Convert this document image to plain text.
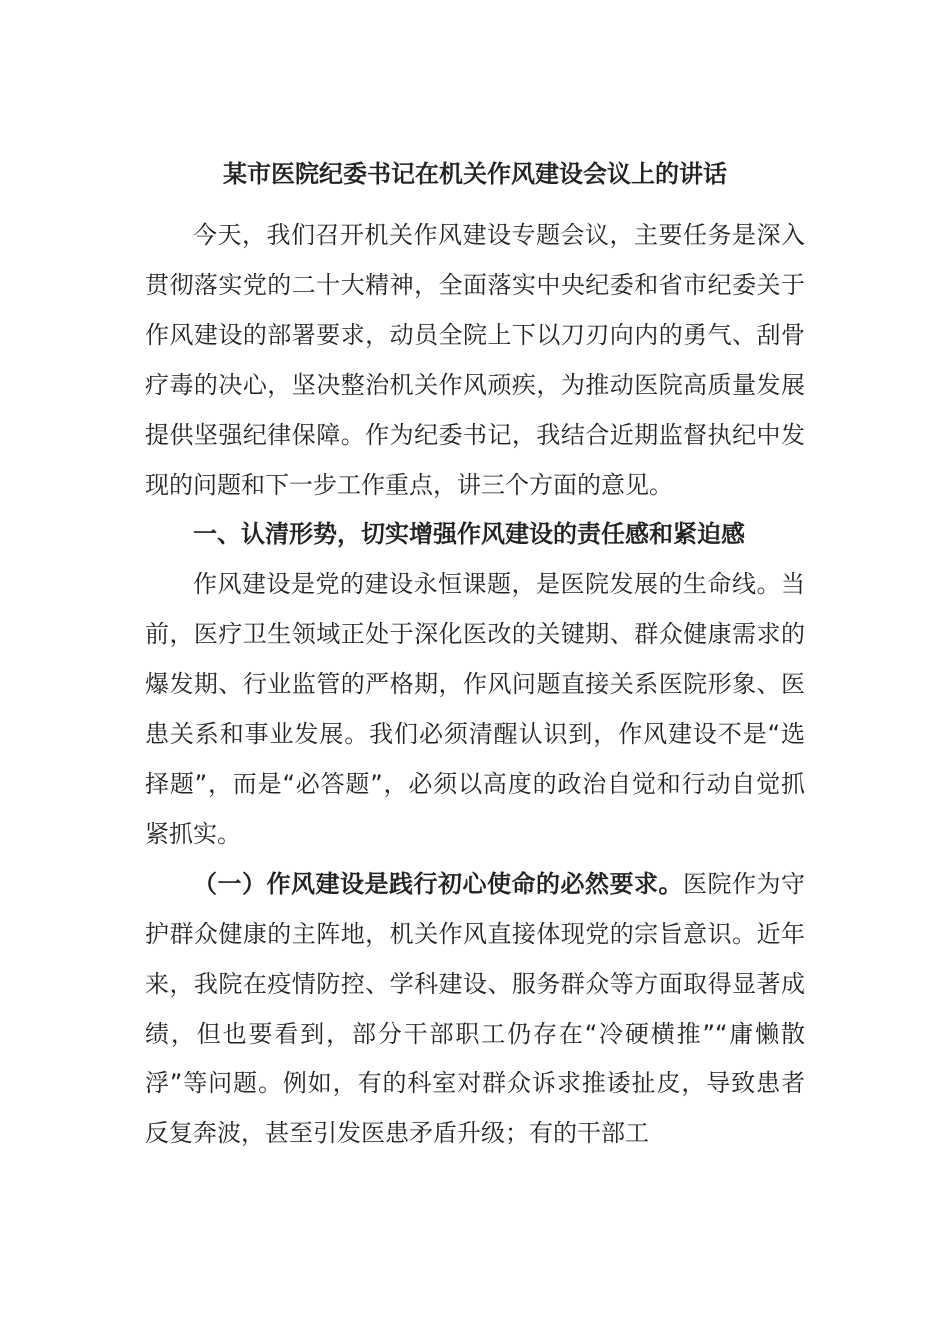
某市医院纪委书记在机关作风建设会议上的讲话

今天，我们召开机关作风建设专题会议，主要任务是深入贯彻落实党的二十大精神，全面落实中央纪委和省市纪委关于作风建设的部署要求，动员全院上下以刀刃向内的勇气、刮骨疗毒的决心，坚决整治机关作风顽疾，为推动医院高质量发展提供坚强纪律保障。作为纪委书记，我结合近期监督执纪中发现的问题和下一步工作重点，讲三个方面的意见。

一、认清形势，切实增强作风建设的责任感和紧迫感

作风建设是党的建设永恒课题，是医院发展的生命线。当前，医疗卫生领域正处于深化医改的关键期、群众健康需求的爆发期、行业监管的严格期，作风问题直接关系医院形象、医患关系和事业发展。我们必须清醒认识到，作风建设不是“选择题”，而是“必答题”，必须以高度的政治自觉和行动自觉抓紧抓实。

（一）作风建设是践行初心使命的必然要求。医院作为守护群众健康的主阵地，机关作风直接体现党的宗旨意识。近年来，我院在疫情防控、学科建设、服务群众等方面取得显著成绩，但也要看到，部分干部职工仍存在“冷硬横推”“庸懒散浮”等问题。例如，有的科室对群众诉求推诿扯皮，导致患者反复奔波，甚至引发医患矛盾升级；有的干部工
